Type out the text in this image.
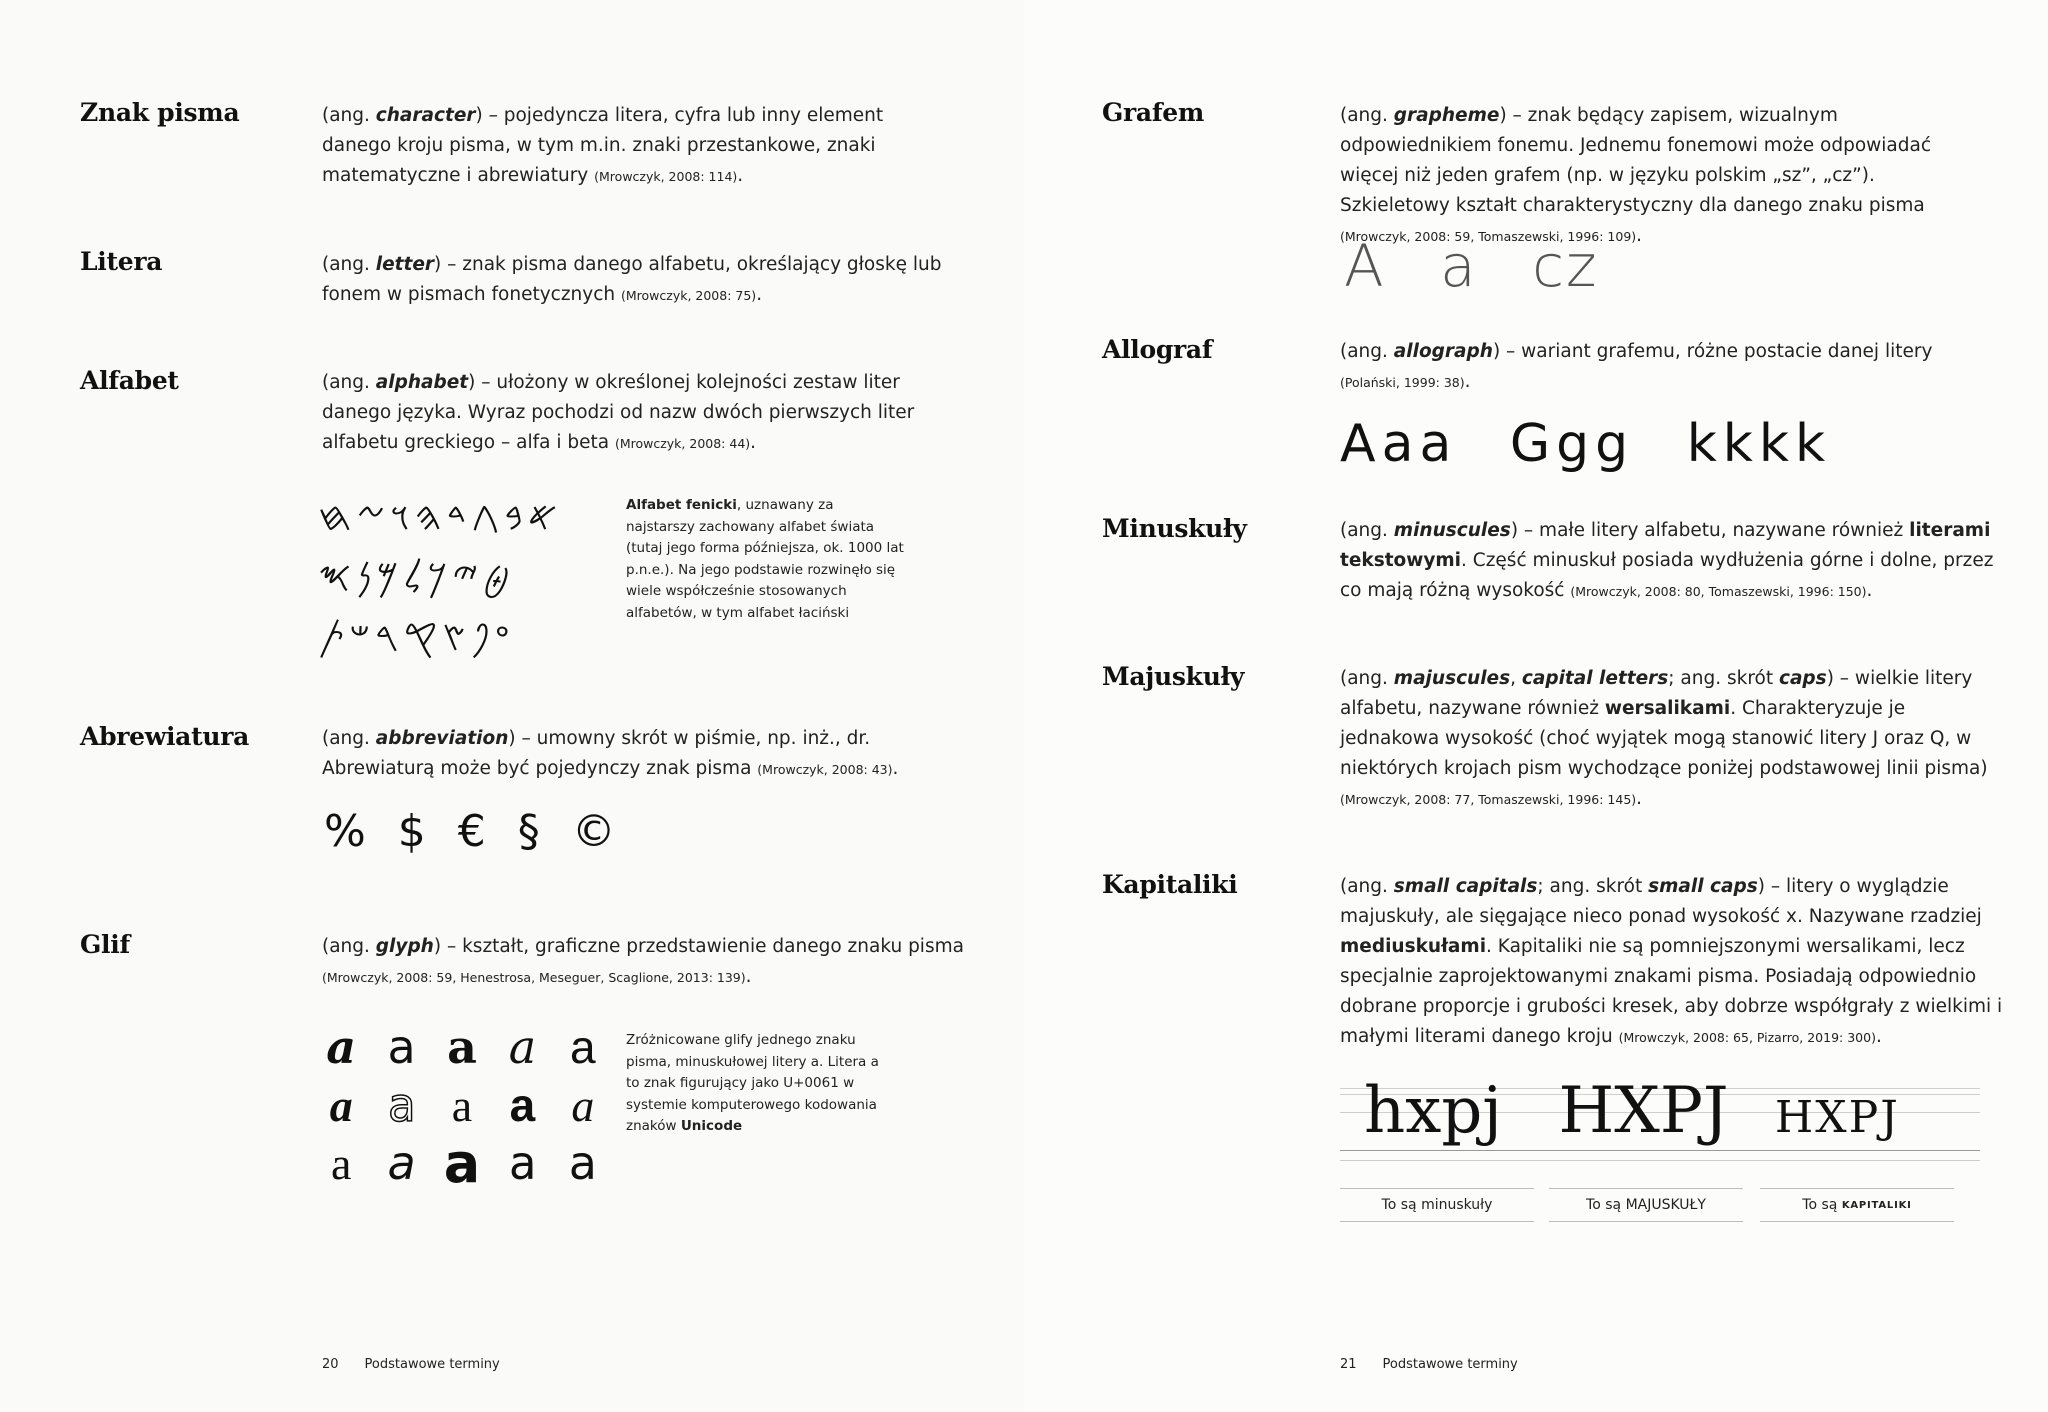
Znak pisma	(ang. character) – pojedyncza litera, cyfra lub inny element danego kroju pisma, w tym m.in. znaki przestankowe, znaki matematyczne i abrewiatury (Mrowczyk, 2008: 114).
Litera	(ang. letter) – znak pisma danego alfabetu, określający głoskę lub fonem w pismach fonetycznych (Mrowczyk, 2008: 75).
Alfabet	(ang. alphabet) – ułożony w określonej kolejności zestaw liter danego języka. Wyraz pochodzi od nazw dwóch pierwszych liter alfabetu greckiego – alfa i beta (Mrowczyk, 2008: 44).
𐤀𐤁𐤂𐤃𐤄𐤅𐤆𐤇
𐤈𐤉𐤊𐤋𐤌𐤍𐤎
𐤏𐤐𐤑𐤒𐤓𐤔𐤕
Alfabet fenicki, uznawany za najstarszy zachowany alfabet świata (tutaj jego forma późniejsza, ok. 1000 lat p.n.e.). Na jego podstawie rozwinęło się wiele współcześnie stosowanych alfabetów, w tym alfabet łaciński
Abrewiatura	(ang. abbreviation) – umowny skrót w piśmie, np. inż., dr. Abrewiaturą może być pojedynczy znak pisma (Mrowczyk, 2008: 43).
% $ € § ©
Glif	(ang. glyph) – kształt, graficzne przedstawienie danego znaku pisma (Mrowczyk, 2008: 59, Henestrosa, Meseguer, Scaglione, 2013: 139).
a a a a a
a a a a a
a a a a a
Zróżnicowane glify jednego znaku pisma, minuskułowej litery a. Litera a to znak figurujący jako U+0061 w systemie komputerowego kodowania znaków Unicode
20 Podstawowe terminy
Grafem	(ang. grapheme) – znak będący zapisem, wizualnym odpowiednikiem fonemu. Jednemu fonemowi może odpowiadać więcej niż jeden grafem (np. w języku polskim „sz”, „cz”). Szkieletowy kształt charakterystyczny dla danego znaku pisma (Mrowczyk, 2008: 59, Tomaszewski, 1996: 109).
A a cz
Allograf	(ang. allograph) – wariant grafemu, różne postacie danej litery (Polański, 1999: 38).
Aaa Ggg kkkk
Minuskuły	(ang. minuscules) – małe litery alfabetu, nazywane również literami tekstowymi. Część minuskuł posiada wydłużenia górne i dolne, przez co mają różną wysokość (Mrowczyk, 2008: 80, Tomaszewski, 1996: 150).
Majuskuły	(ang. majuscules, capital letters; ang. skrót caps) – wielkie litery alfabetu, nazywane również wersalikami. Charakteryzuje je jednakowa wysokość (choć wyjątek mogą stanowić litery J oraz Q, w niektórych krojach pism wychodzące poniżej podstawowej linii pisma) (Mrowczyk, 2008: 77, Tomaszewski, 1996: 145).
Kapitaliki	(ang. small capitals; ang. skrót small caps) – litery o wyglądzie majuskuły, ale sięgające nieco ponad wysokość x. Nazywane rzadziej mediuskułami. Kapitaliki nie są pomniejszonymi wersalikami, lecz specjalnie zaprojektowanymi znakami pisma. Posiadają odpowiednio dobrane proporcje i grubości kresek, aby dobrze współgrały z wielkimi i małymi literami danego kroju (Mrowczyk, 2008: 65, Pizarro, 2019: 300).
hxpj HXPJ HXPJ
To są minuskuły	To są MAJUSKUŁY	To są KAPITALIKI
21 Podstawowe terminy
